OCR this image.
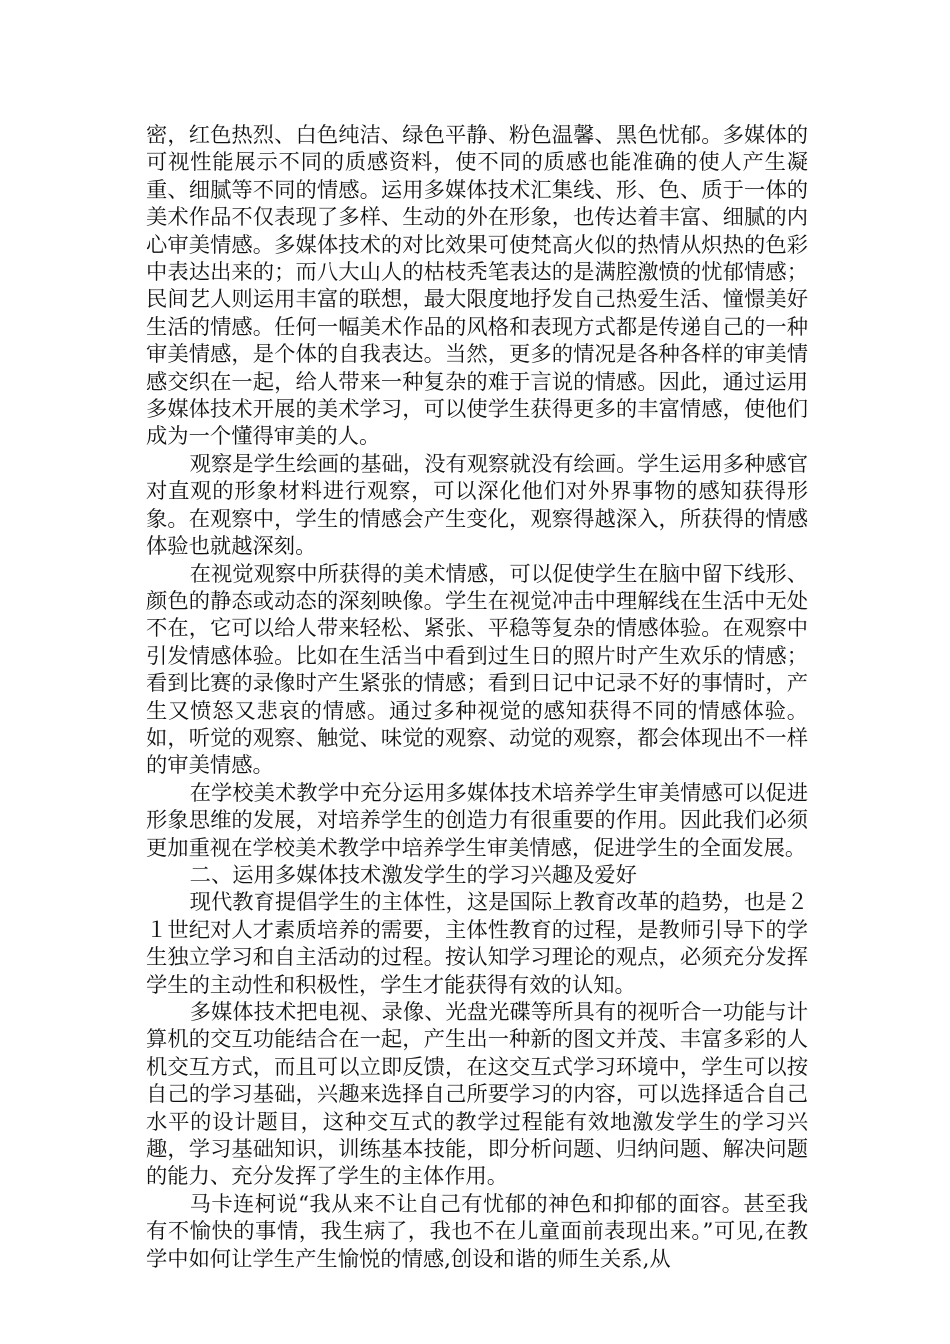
密，红色热烈、白色纯洁、绿色平静、粉色温馨、黑色忧郁。多媒体的可视性能展示不同的质感资料，使不同的质感也能准确的使人产生凝重、细腻等不同的情感。运用多媒体技术汇集线、形、色、质于一体的美术作品不仅表现了多样、生动的外在形象，也传达着丰富、细腻的内心审美情感。多媒体技术的对比效果可使梵高火似的热情从炽热的色彩中表达出来的；而八大山人的枯枝秃笔表达的是满腔激愤的忧郁情感；民间艺人则运用丰富的联想，最大限度地抒发自己热爱生活、憧憬美好生活的情感。任何一幅美术作品的风格和表现方式都是传递自己的一种审美情感，是个体的自我表达。当然，更多的情况是各种各样的审美情感交织在一起，给人带来一种复杂的难于言说的情感。因此，通过运用多媒体技术开展的美术学习，可以使学生获得更多的丰富情感，使他们成为一个懂得审美的人。

观察是学生绘画的基础，没有观察就没有绘画。学生运用多种感官对直观的形象材料进行观察，可以深化他们对外界事物的感知获得形象。在观察中，学生的情感会产生变化，观察得越深入，所获得的情感体验也就越深刻。

在视觉观察中所获得的美术情感，可以促使学生在脑中留下线形、颜色的静态或动态的深刻映像。学生在视觉冲击中理解线在生活中无处不在，它可以给人带来轻松、紧张、平稳等复杂的情感体验。在观察中引发情感体验。比如在生活当中看到过生日的照片时产生欢乐的情感；看到比赛的录像时产生紧张的情感；看到日记中记录不好的事情时，产生又愤怒又悲哀的情感。通过多种视觉的感知获得不同的情感体验。如，听觉的观察、触觉、味觉的观察、动觉的观察，都会体现出不一样的审美情感。

在学校美术教学中充分运用多媒体技术培养学生审美情感可以促进形象思维的发展，对培养学生的创造力有很重要的作用。因此我们必须更加重视在学校美术教学中培养学生审美情感，促进学生的全面发展。

二、运用多媒体技术激发学生的学习兴趣及爱好

现代教育提倡学生的主体性，这是国际上教育改革的趋势，也是２１世纪对人才素质培养的需要，主体性教育的过程，是教师引导下的学生独立学习和自主活动的过程。按认知学习理论的观点，必须充分发挥学生的主动性和积极性，学生才能获得有效的认知。

多媒体技术把电视、录像、光盘光碟等所具有的视听合一功能与计算机的交互功能结合在一起，产生出一种新的图文并茂、丰富多彩的人机交互方式，而且可以立即反馈，在这交互式学习环境中，学生可以按自己的学习基础，兴趣来选择自己所要学习的内容，可以选择适合自己水平的设计题目，这种交互式的教学过程能有效地激发学生的学习兴趣，学习基础知识，训练基本技能，即分析问题、归纳问题、解决问题的能力、充分发挥了学生的主体作用。

马卡连柯说“我从来不让自己有忧郁的神色和抑郁的面容。甚至我有不愉快的事情，我生病了，我也不在儿童面前表现出来。”可见,在教学中如何让学生产生愉悦的情感,创设和谐的师生关系,从
